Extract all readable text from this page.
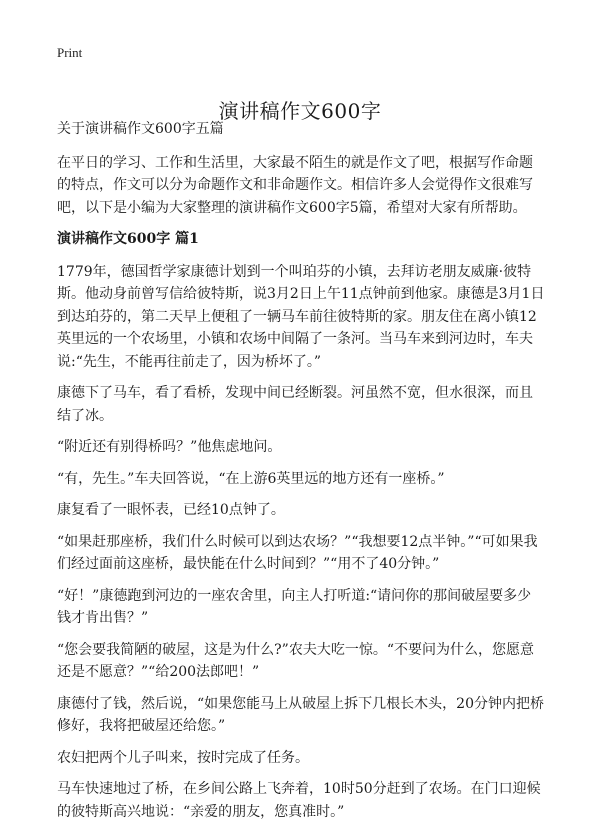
Print
演讲稿作文600字

关于演讲稿作文600字五篇

在平日的学习、工作和生活里，大家最不陌生的就是作文了吧，根据写作命题的特点，作文可以分为命题作文和非命题作文。相信许多人会觉得作文很难写吧，以下是小编为大家整理的演讲稿作文600字5篇，希望对大家有所帮助。

演讲稿作文600字 篇1

1779年，德国哲学家康德计划到一个叫珀芬的小镇，去拜访老朋友威廉·彼特斯。他动身前曾写信给彼特斯，说3月2日上午11点钟前到他家。康德是3月1日到达珀芬的，第二天早上便租了一辆马车前往彼特斯的家。朋友住在离小镇12英里远的一个农场里，小镇和农场中间隔了一条河。当马车来到河边时，车夫说:“先生，不能再往前走了，因为桥坏了。”

康德下了马车，看了看桥，发现中间已经断裂。河虽然不宽，但水很深，而且结了冰。

“附近还有别得桥吗？”他焦虑地问。

“有，先生。”车夫回答说，“在上游6英里远的地方还有一座桥。”

康复看了一眼怀表，已经10点钟了。

“如果赶那座桥，我们什么时候可以到达农场？”“我想要12点半钟。”“可如果我们经过面前这座桥，最快能在什么时间到？”“用不了40分钟。”

“好！”康德跑到河边的一座农舍里，向主人打听道:“请问你的那间破屋要多少钱才肯出售？”

“您会要我简陋的破屋，这是为什么?”农夫大吃一惊。“不要问为什么，您愿意还是不愿意？”“给200法郎吧！”

康德付了钱，然后说，“如果您能马上从破屋上拆下几根长木头，20分钟内把桥修好，我将把破屋还给您。”

农妇把两个儿子叫来，按时完成了任务。

马车快速地过了桥，在乡间公路上飞奔着，10时50分赶到了农场。在门口迎候的彼特斯高兴地说：“亲爱的朋友，您真准时。”
